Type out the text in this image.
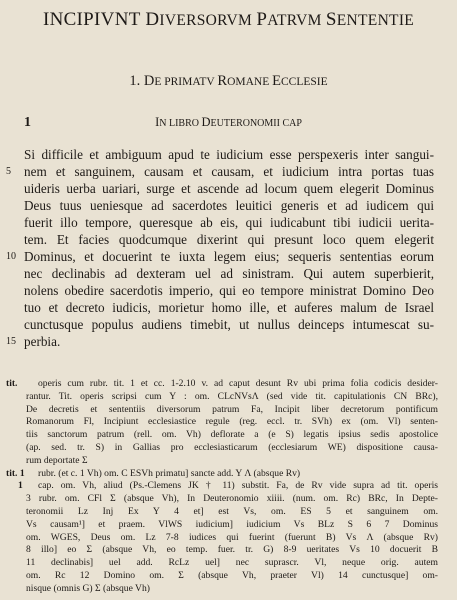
INCIPIVNT DIVERSORVM PATRVM SENTENTIE
1. DE PRIMATV ROMANE ECCLESIE
1	IN LIBRO DEUTERONOMII CAP
Si difficile et ambiguum apud te iudicium esse perspexeris inter sangui-
nem et sanguinem, causam et causam, et iudicium intra portas tuas
uideris uerba uariari, surge et ascende ad locum quem elegerit Dominus
Deus tuus ueniesque ad sacerdotes leuitici generis et ad iudicem qui
fuerit illo tempore, queresque ab eis, qui iudicabunt tibi iudicii ueritа-
tem. Et facies quodcumque dixerint qui presunt loco quem elegerit
Dominus, et docuerint te iuxta legem eius; sequeris sententias eorum
nec declinabis ad dexteram uel ad sinistram. Qui autem superbierit,
nolens obedire sacerdotis imperio, qui eo tempore ministrat Domino Deo
tuo et decreto iudicis, morietur homo ille, et auferes malum de Israel
cunctusque populus audiens timebit, ut nullus deinceps intumescat su-
perbia.
5
10
15
tit. operis cum rubr. tit. 1 et cc. 1-2.10 v. ad caput desunt Rv ubi prima folia codicis desider-
rantur. Tit. operis scripsi cum Y : om. CLcNVsΛ (sed vide tit. capitulationis CN BRc),
De decretis et sententiis diversorum patrum Fa, Incipit liber decretorum pontificum
Romanorum Fl, Incipiunt ecclesiastice regule (reg. eccl. tr. SVh) ex (om. Vl) senten-
tiis sanctorum patrum (rell. om. Vh) deflorate a (e S) legatis ipsius sedis apostolice
(ap. sed. tr. S) in Gallias pro ecclesiasticarum (ecclesiarum WE) dispositione causa-
rum deportate Σ
tit. 1 rubr. (et c. 1 Vh) om. C ESVh primatu] sancte add. Y Λ (absque Rv)
1 cap. om. Vh, aliud (Ps.-Clemens JK † 11) substit. Fa, de Rv vide supra ad tit. operis
3 rubr. om. CFl Σ (absque Vh), In Deuteronomio xiiii. (num. om. Rc) BRc, In Depte-
teronomii Lz Inj Ex Y 4 et] est Vs, om. ES 5 et sanguinem om.
Vs causam¹] et praem. VlWS iudicium] iudicium Vs BLz S 6 7 Dominus
om. WGES, Deus om. Lz 7-8 iudices qui fuerint (fuerunt B) Vs Λ (absque Rv)
8 illo] eo Σ (absque Vh, eo temp. fuer. tr. G) 8-9 ueritates Vs 10 docuerit B
11 declinabis] uel add. RcLz uel] nec suprascr. Vl, neque orig. autem
om. Rc 12 Domino om. Σ (absque Vh, praeter Vl) 14 cunctusque] om-
nisque (omnis G) Σ (absque Vh)
